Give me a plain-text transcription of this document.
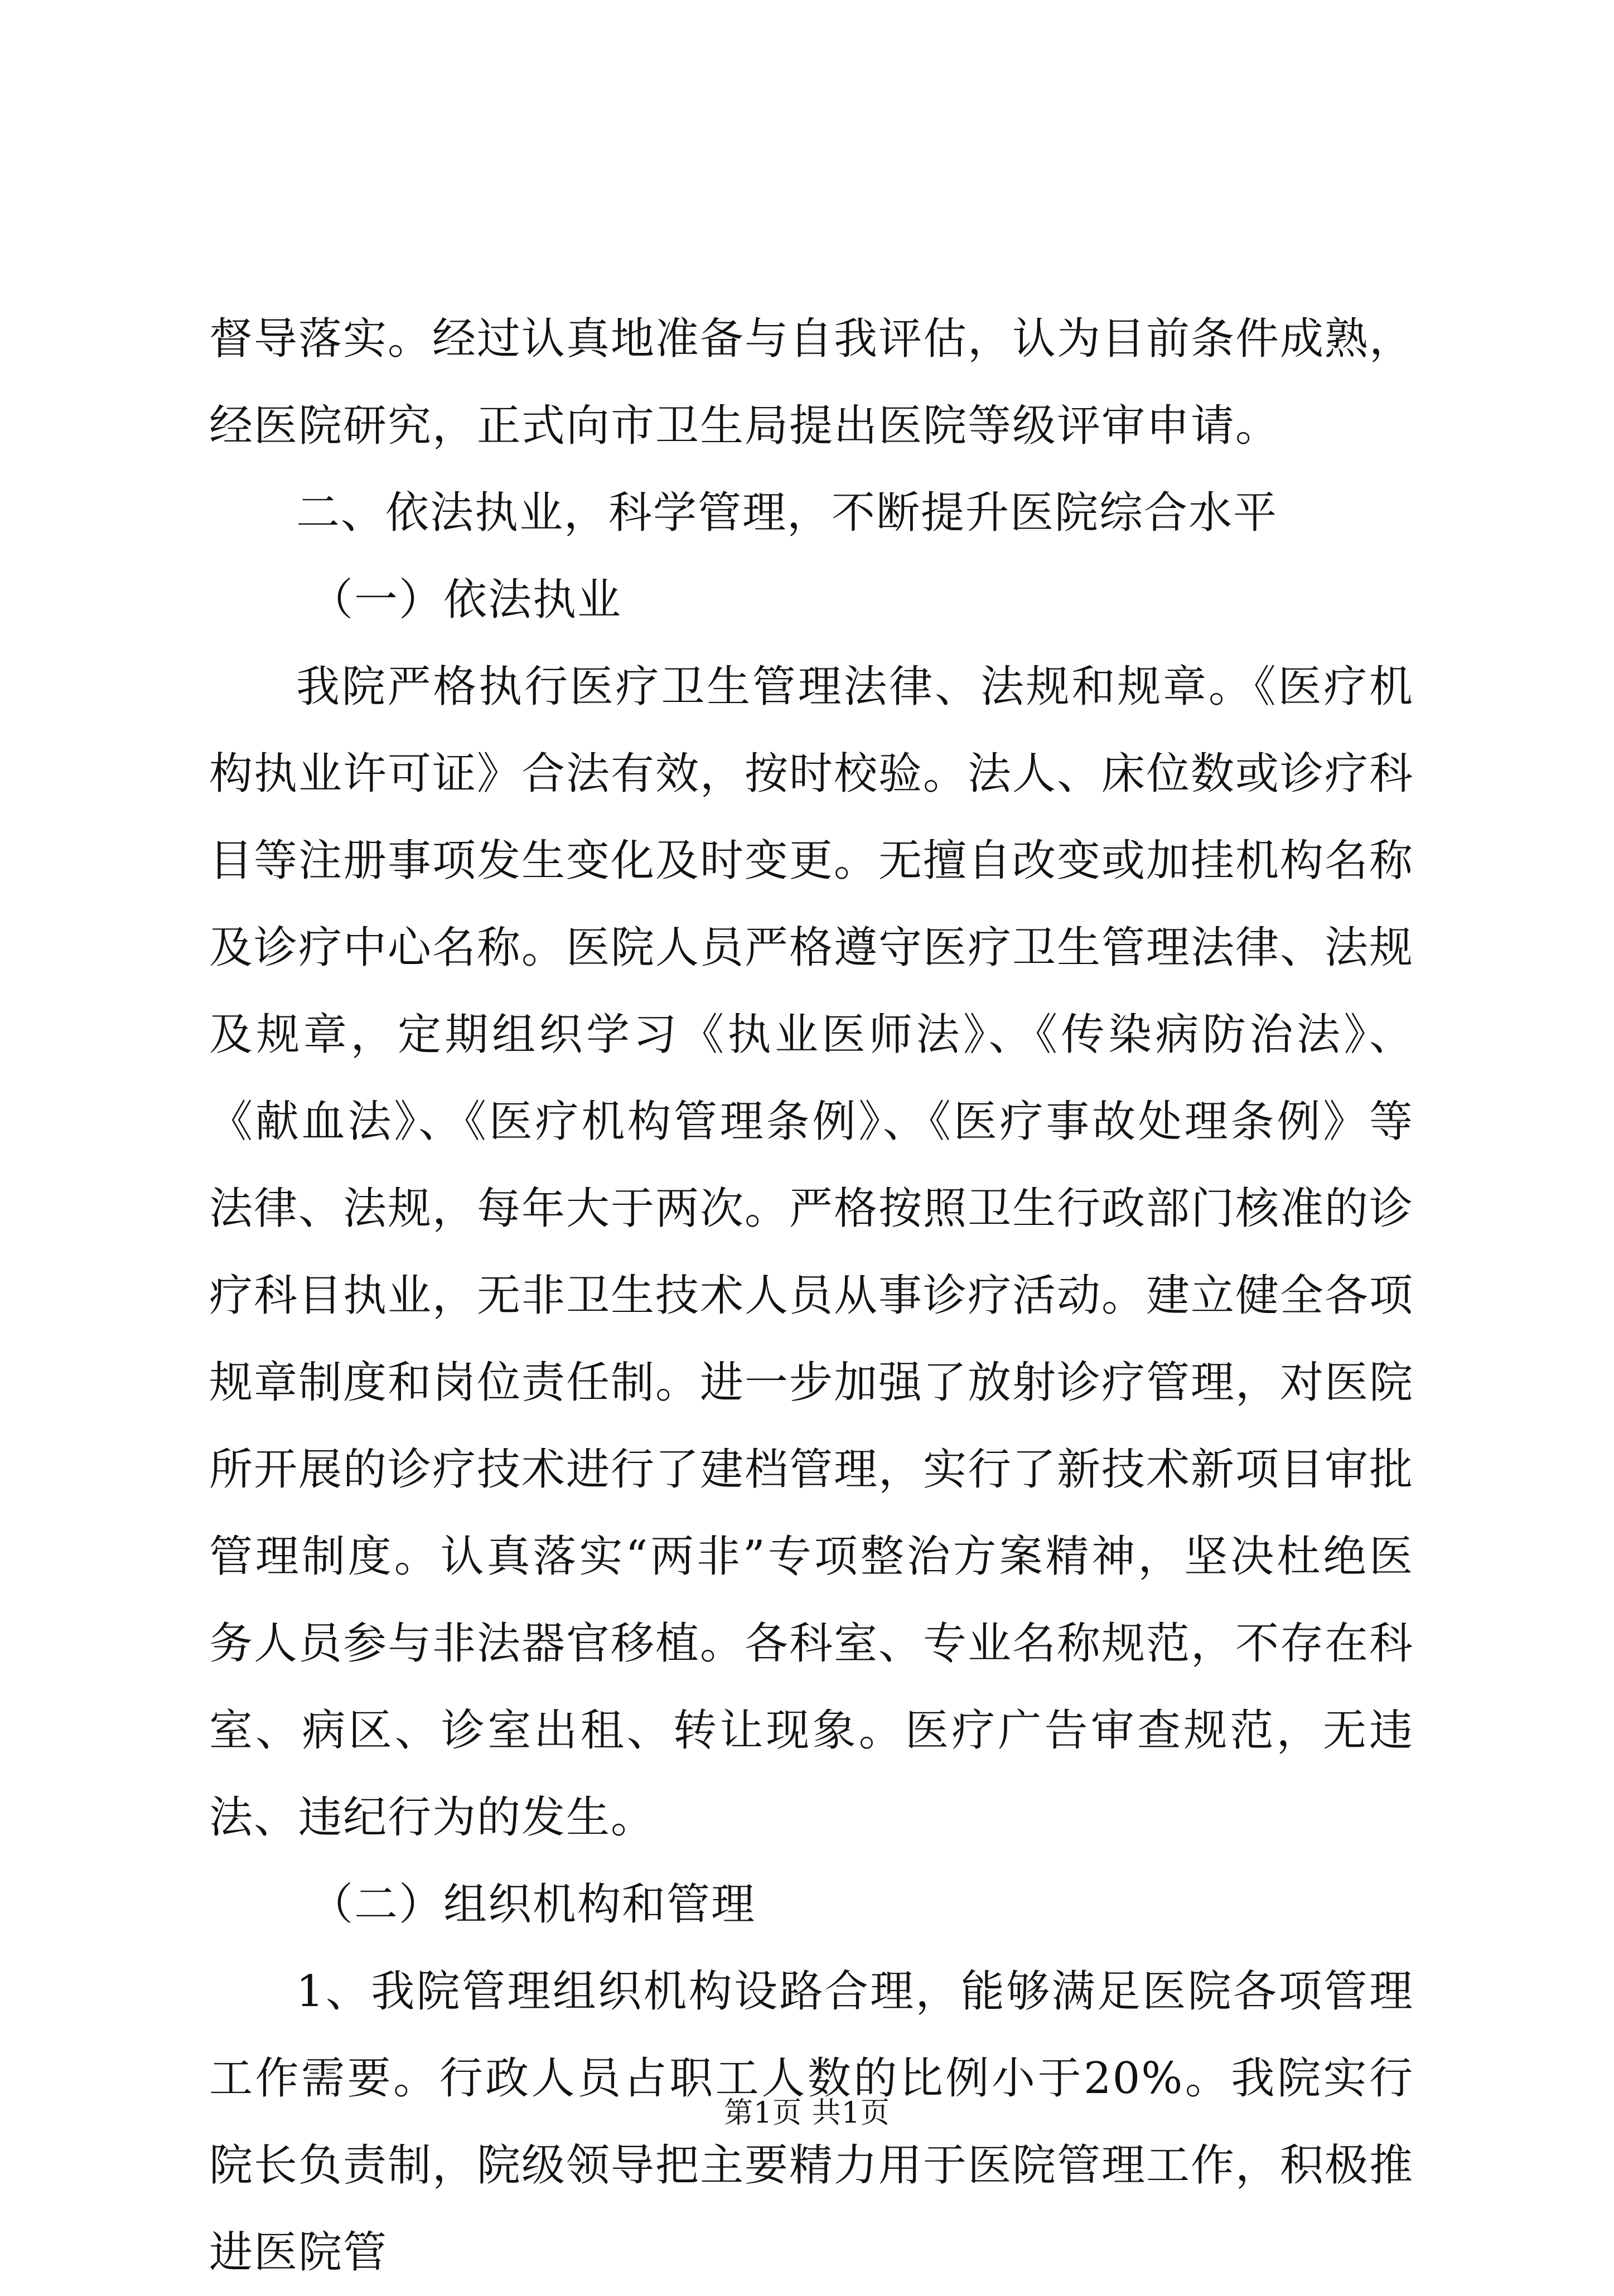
督导落实。经过认真地准备与自我评估，认为目前条件成熟，经医院研究，正式向市卫生局提出医院等级评审申请。

二、依法执业，科学管理，不断提升医院综合水平

（一）依法执业

我院严格执行医疗卫生管理法律、法规和规章。《医疗机构执业许可证》合法有效，按时校验。法人、床位数或诊疗科目等注册事项发生变化及时变更。无擅自改变或加挂机构名称及诊疗中心名称。医院人员严格遵守医疗卫生管理法律、法规及规章，定期组织学习《执业医师法》、《传染病防治法》、《献血法》、《医疗机构管理条例》、《医疗事故处理条例》等法律、法规，每年大于两次。严格按照卫生行政部门核准的诊疗科目执业，无非卫生技术人员从事诊疗活动。建立健全各项规章制度和岗位责任制。进一步加强了放射诊疗管理，对医院所开展的诊疗技术进行了建档管理，实行了新技术新项目审批管理制度。认真落实“两非”专项整治方案精神，坚决杜绝医务人员参与非法器官移植。各科室、专业名称规范，不存在科室、病区、诊室出租、转让现象。医疗广告审查规范，无违法、违纪行为的发生。

（二）组织机构和管理

1、我院管理组织机构设路合理，能够满足医院各项管理工作需要。行政人员占职工人数的比例小于20%。我院实行院长负责制，院级领导把主要精力用于医院管理工作，积极推进医院管

第1页 共1页
